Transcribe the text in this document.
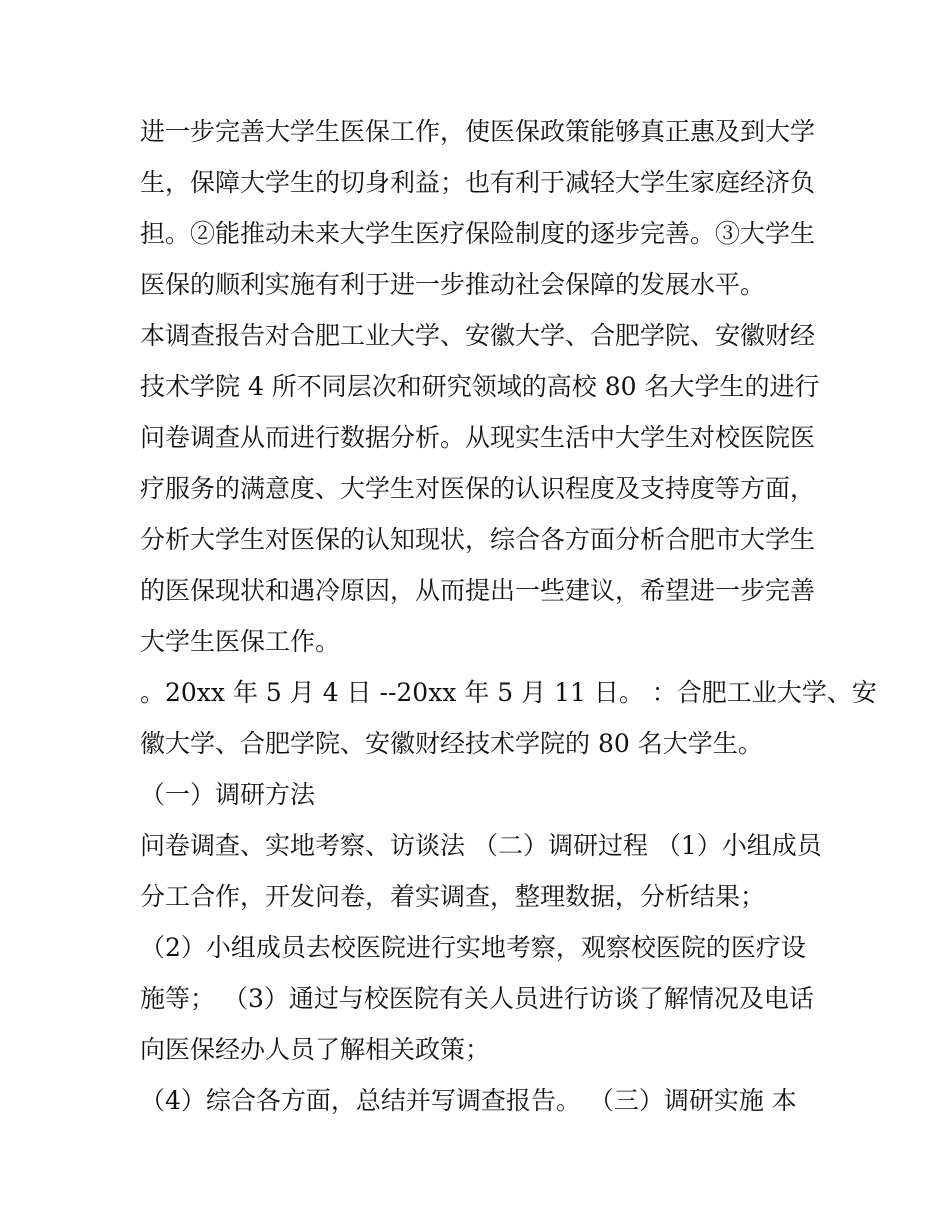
进一步完善大学生医保工作，使医保政策能够真正惠及到大学
生，保障大学生的切身利益；也有利于减轻大学生家庭经济负
担。②能推动未来大学生医疗保险制度的逐步完善。③大学生
医保的顺利实施有利于进一步推动社会保障的发展水平。
本调查报告对合肥工业大学、安徽大学、合肥学院、安徽财经
技术学院 4 所不同层次和研究领域的高校 80 名大学生的进行
问卷调查从而进行数据分析。从现实生活中大学生对校医院医
疗服务的满意度、大学生对医保的认识程度及支持度等方面，
分析大学生对医保的认知现状，综合各方面分析合肥市大学生
的医保现状和遇冷原因，从而提出一些建议，希望进一步完善
大学生医保工作。
。20xx 年 5 月 4 日 --20xx 年 5 月 11 日。 ：合肥工业大学、安
徽大学、合肥学院、安徽财经技术学院的 80 名大学生。
（一）调研方法
问卷调查、实地考察、访谈法 （二）调研过程 （1）小组成员
分工合作，开发问卷，着实调查，整理数据，分析结果；
（2）小组成员去校医院进行实地考察，观察校医院的医疗设
施等； （3）通过与校医院有关人员进行访谈了解情况及电话
向医保经办人员了解相关政策；
（4）综合各方面，总结并写调查报告。 （三）调研实施 本
